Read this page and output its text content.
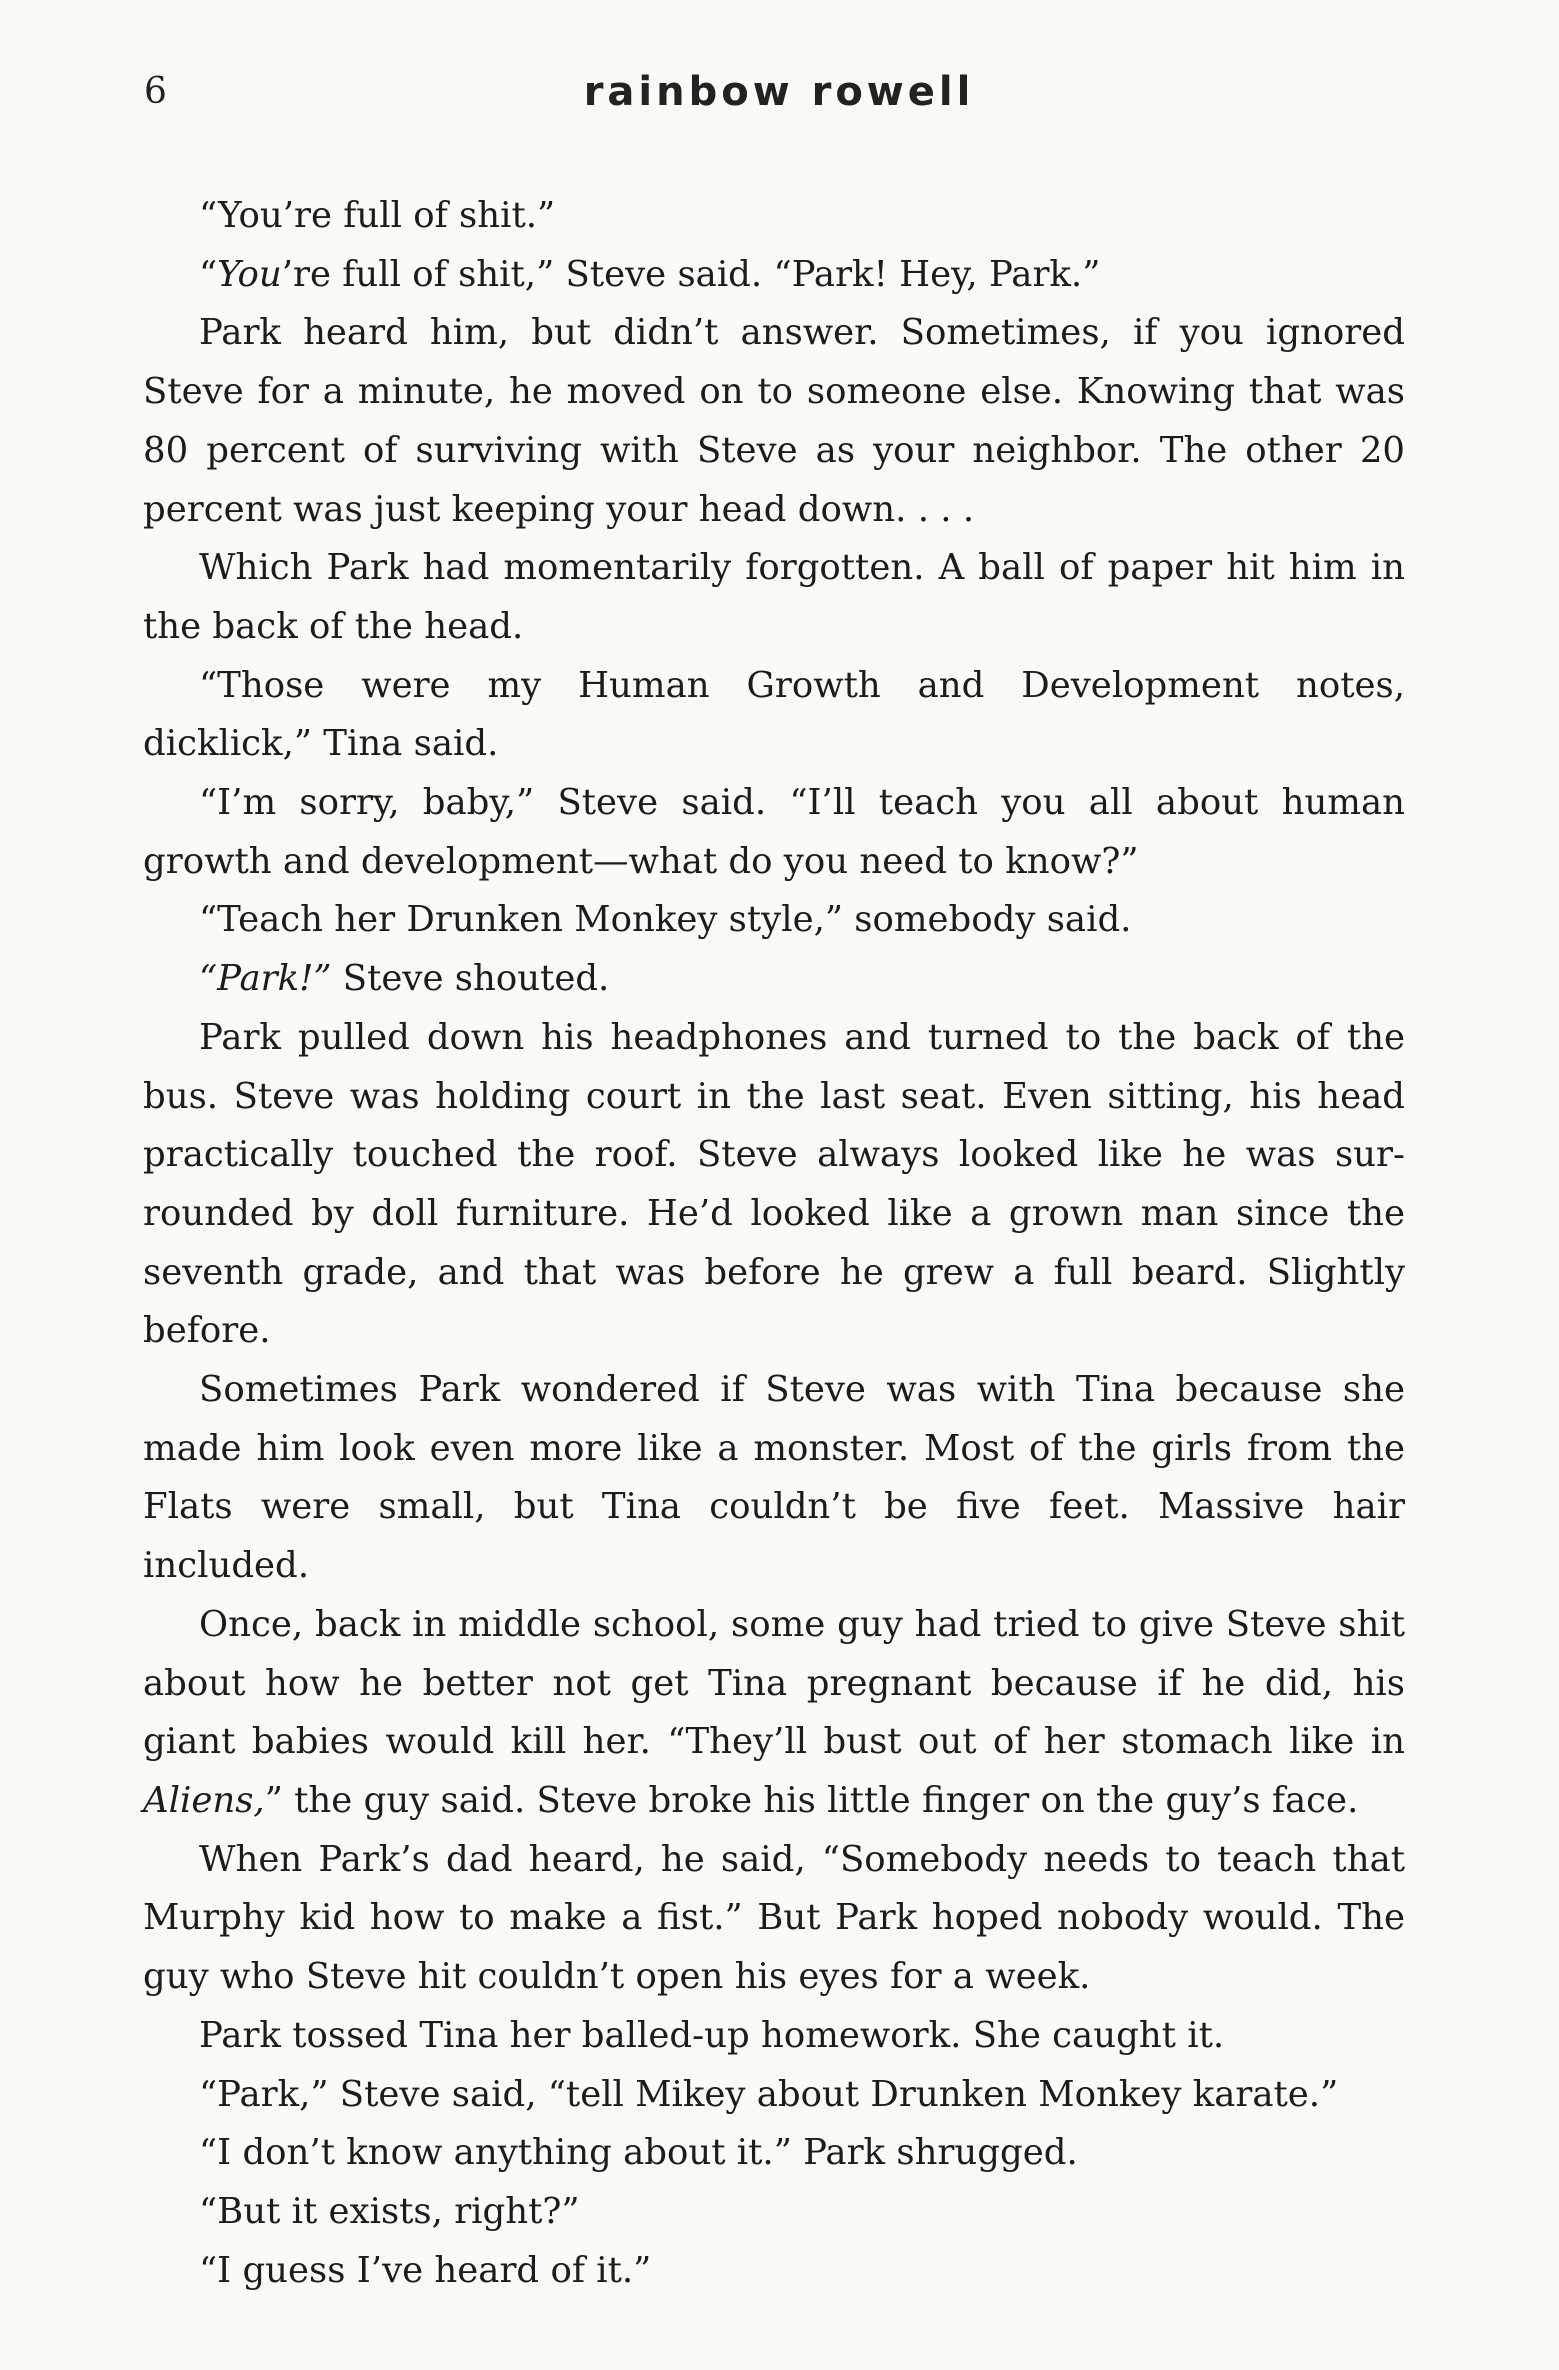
6	rainbow rowell

“You’re full of shit.”

“You’re full of shit,” Steve said. “Park! Hey, Park.”

Park heard him, but didn’t answer. Sometimes, if you ignored Steve for a minute, he moved on to someone else. Knowing that was 80 percent of surviving with Steve as your neighbor. The other 20 percent was just keeping your head down. . . .

Which Park had momentarily forgotten. A ball of paper hit him in the back of the head.

“Those were my Human Growth and Development notes, dicklick,” Tina said.

“I’m sorry, baby,” Steve said. “I’ll teach you all about human growth and development—what do you need to know?”

“Teach her Drunken Monkey style,” somebody said.

“Park!” Steve shouted.

Park pulled down his headphones and turned to the back of the bus. Steve was holding court in the last seat. Even sitting, his head practically touched the roof. Steve always looked like he was surrounded by doll furniture. He’d looked like a grown man since the seventh grade, and that was before he grew a full beard. Slightly before.

Sometimes Park wondered if Steve was with Tina because she made him look even more like a monster. Most of the girls from the Flats were small, but Tina couldn’t be five feet. Massive hair included.

Once, back in middle school, some guy had tried to give Steve shit about how he better not get Tina pregnant because if he did, his giant babies would kill her. “They’ll bust out of her stomach like in Aliens,” the guy said. Steve broke his little finger on the guy’s face.

When Park’s dad heard, he said, “Somebody needs to teach that Murphy kid how to make a fist.” But Park hoped nobody would. The guy who Steve hit couldn’t open his eyes for a week.

Park tossed Tina her balled-up homework. She caught it.

“Park,” Steve said, “tell Mikey about Drunken Monkey karate.”

“I don’t know anything about it.” Park shrugged.

“But it exists, right?”

“I guess I’ve heard of it.”
